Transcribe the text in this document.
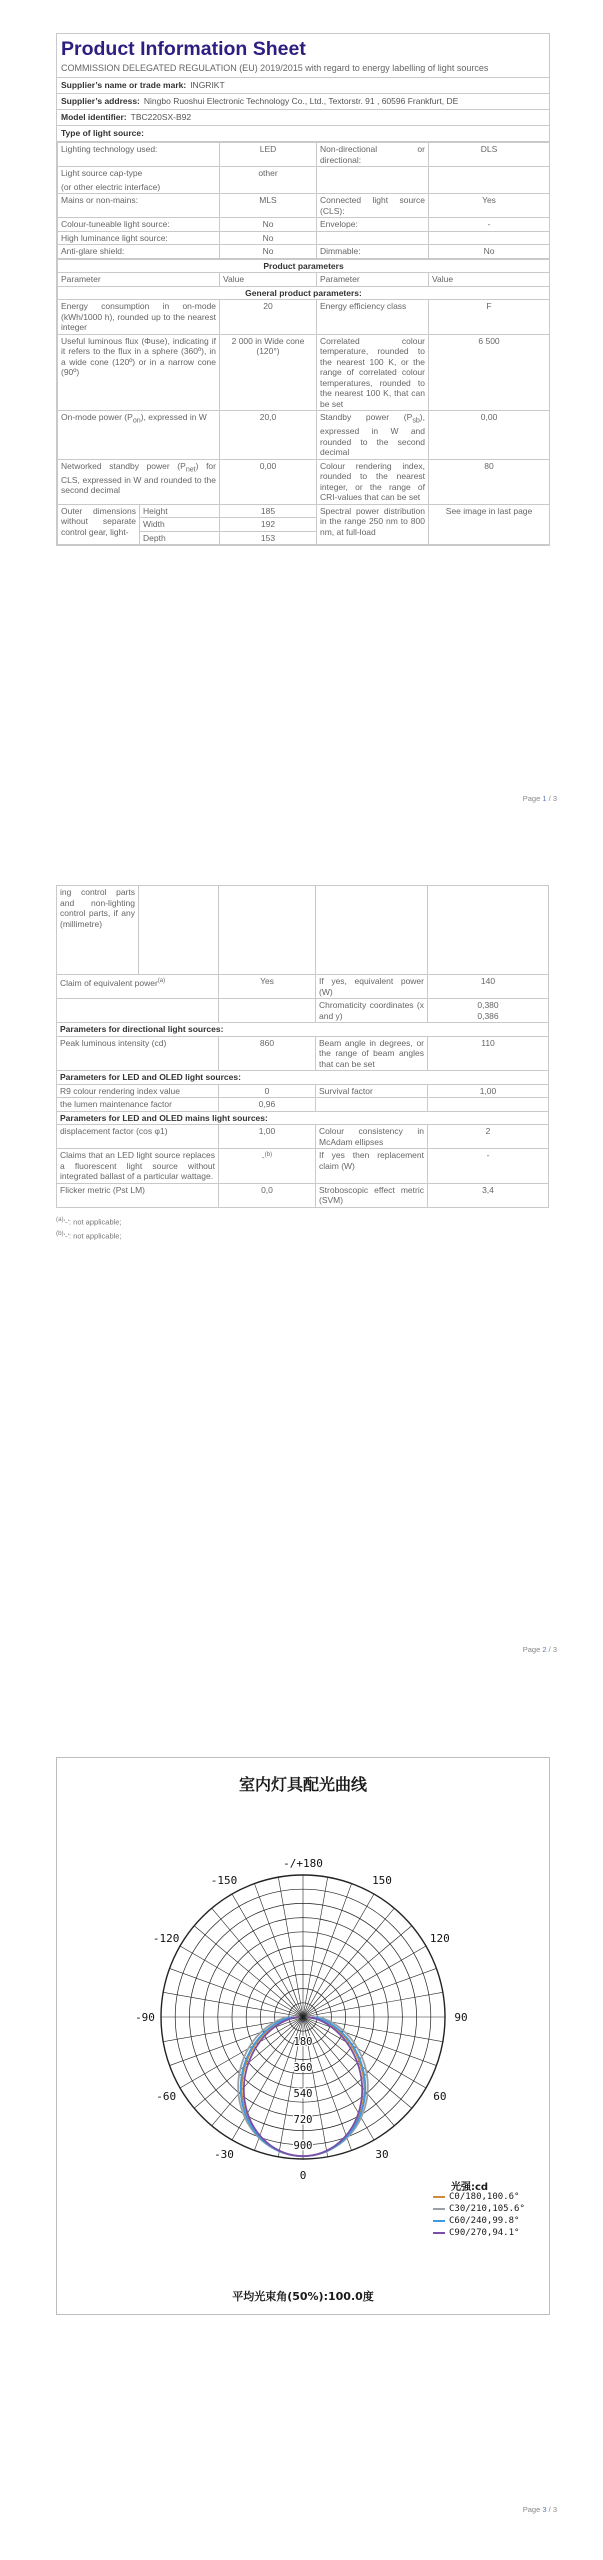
Product Information Sheet
COMMISSION DELEGATED REGULATION (EU) 2019/2015 with regard to energy labelling of light sources
Supplier’s name or trade mark: INGRIKT
Supplier’s address: Ningbo Ruoshui Electronic Technology Co., Ltd., Textorstr. 91 , 60596 Frankfurt, DE
Model identifier: TBC220SX-B92
Type of light source:
Lighting technology used:	LED	Non-directional or directional:	DLS

Light source cap-type
(or other electric interface)	other		
Mains or non-mains:	MLS	Connected light source (CLS):	Yes
Colour-tuneable light source:	No	Envelope:	-
High luminance light source:	No		
Anti-glare shield:	No	Dimmable:	No
Product parameters				
Parameter		Value	Parameter	Value
General product parameters:				
Energy consumption in on-mode (kWh/1000 h), rounded up to the nearest integer		20	Energy efficiency class	F
Useful luminous flux (Φuse), indicating if it refers to the flux in a sphere (360º), in a wide cone (120º) or in a narrow cone (90º)		2 000 in Wide cone (120°)	Correlated colour temperature, rounded to the nearest 100 K, or the range of correlated colour temperatures, rounded to the nearest 100 K, that can be set	6 500
On-mode power $(P_{on})$, expressed in W		20,0	Standby power $(P_{sb})$, expressed in W and rounded to the second decimal	0,00
Networked standby power $(P_{net})$ for CLS, expressed in W and rounded to the second decimal		0,00	Colour rendering index, rounded to the nearest integer, or the range of CRI-values that can be set	80
Outer dimensions without separate control gear, light-	Height	185	Spectral power distribution in the range 250 nm to 800 nm, at full-load	See image in last page
	Width	192		
	Depth	153		
Page 1 / 3
ing control parts and non-lighting control parts, if any (millimetre)				
Claim of equivalent power$^{(a)}$		Yes	If yes, equivalent power (W)	140
			Chromaticity coordinates (x and y)	0,380
0,386

Parameters for directional light sources:				
Peak luminous intensity (cd)		860	Beam angle in degrees, or the range of beam angles that can be set	110
Parameters for LED and OLED light sources:				
R9 colour rendering index value		0	Survival factor	1,00
the lumen maintenance factor		0,96		
Parameters for LED and OLED mains light sources:				
displacement factor (cos φ1)		1,00	Colour consistency in McAdam ellipses	2
Claims that an LED light source replaces a fluorescent light source without integrated ballast of a particular wattage.		-$^{(b)}$	If yes then replacement claim (W)	-
Flicker metric (Pst LM)		0,0	Stroboscopic effect metric (SVM)	3,4
$^{(a)}$'-': not applicable;
$^{(b)}$'-': not applicable;
Page 2 / 3
室内灯具配光曲线
-150	150
-120	120
-90	90
-60	60
-30	30
0
-/+180
180
360
540
720
900
光强:cd
C0/180,100.6°
C30/210,105.6°
C60/240,99.8°
C90/270,94.1°
平均光束角(50%):100.0度
Page 3 / 3
